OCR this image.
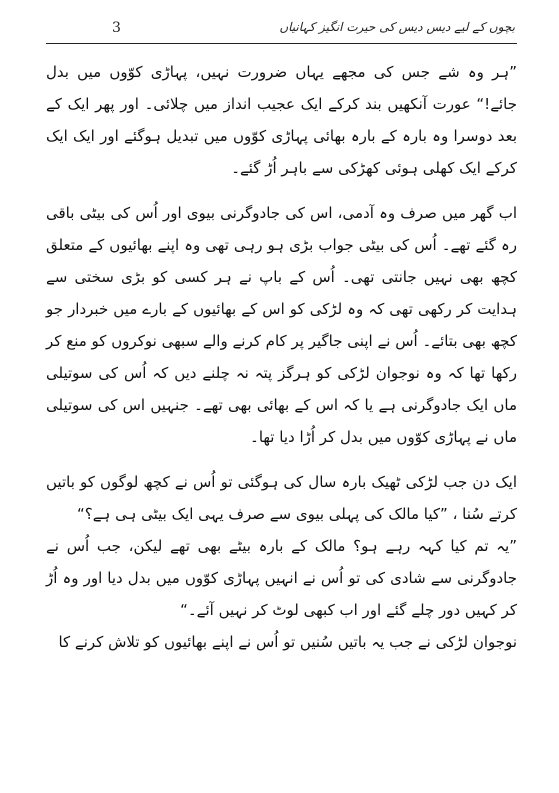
3	بچوں کے لیے دیس دیس کی حیرت انگیز کہانیاں

”ہر وہ شے جس کی مجھے یہاں ضرورت نہیں، پہاڑی کوّوں میں بدل جائے!“ عورت آنکھیں بند کرکے ایک عجیب انداز میں چلائی۔ اور پھر ایک کے بعد دوسرا وہ بارہ کے بارہ بھائی پہاڑی کوّوں میں تبدیل ہوگئے اور ایک ایک کرکے ایک کھلی ہوئی کھڑکی سے باہر اُڑ گئے۔

اب گھر میں صرف وہ آدمی، اس کی جادوگرنی بیوی اور اُس کی بیٹی باقی رہ گئے تھے۔ اُس کی بیٹی جواب بڑی ہو رہی تھی وہ اپنے بھائیوں کے متعلق کچھ بھی نہیں جانتی تھی۔ اُس کے باپ نے ہر کسی کو بڑی سختی سے ہدایت کر رکھی تھی کہ وہ لڑکی کو اس کے بھائیوں کے بارے میں خبردار جو کچھ بھی بتائے۔ اُس نے اپنی جاگیر پر کام کرنے والے سبھی نوکروں کو منع کر رکھا تھا کہ وہ نوجوان لڑکی کو ہرگز پتہ نہ چلنے دیں کہ اُس کی سوتیلی ماں ایک جادوگرنی ہے یا کہ اس کے بھائی بھی تھے۔ جنہیں اس کی سوتیلی ماں نے پہاڑی کوّوں میں بدل کر اُڑا دیا تھا۔

ایک دن جب لڑکی ٹھیک بارہ سال کی ہوگئی تو اُس نے کچھ لوگوں کو باتیں کرتے سُنا ، ”کیا مالک کی پہلی بیوی سے صرف یہی ایک بیٹی ہی ہے؟“

”یہ تم کیا کہہ رہے ہو؟ مالک کے بارہ بیٹے بھی تھے لیکن، جب اُس نے جادوگرنی سے شادی کی تو اُس نے انہیں پہاڑی کوّوں میں بدل دیا اور وہ اُڑ کر کہیں دور چلے گئے اور اب کبھی لوٹ کر نہیں آئے۔“

نوجوان لڑکی نے جب یہ باتیں سُنیں تو اُس نے اپنے بھائیوں کو تلاش کرنے کا
